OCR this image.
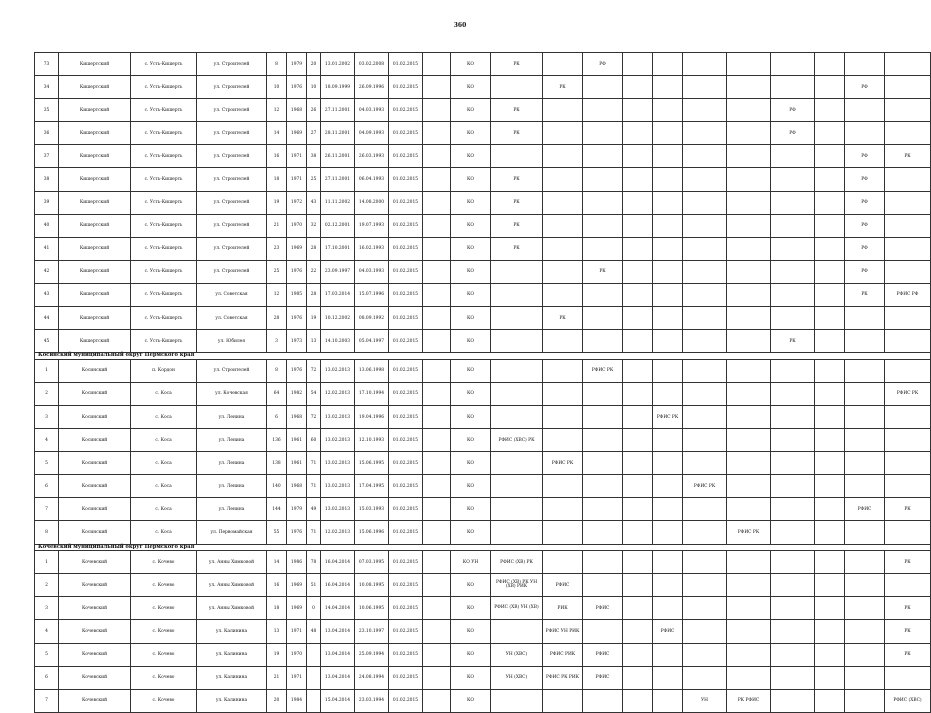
360
73	Кишертский	с. Усть-Кишерть	ул. Строителей	8	1979	20	13.01.2002	03.02.2008	01.02.2015		КО	РК		РФ								
34	Кишертский	с. Усть-Кишерть	ул. Строителей	10	1976	10	18.09.1999	26.09.1996	01.02.2015		КО		РК								РФ	
35	Кишертский	с. Усть-Кишерть	ул. Строителей	12	1968	26	27.11.2001	04.03.1993	01.02.2015		КО	РК							РФ			
36	Кишертский	с. Усть-Кишерть	ул. Строителей	14	1969	27	28.11.2001	04.09.1993	01.02.2015		КО	РК							РФ			
37	Кишертский	с. Усть-Кишерть	ул. Строителей	16	1971	38	26.11.2001	26.03.1993	01.02.2015		КО										РФ	РК
38	Кишертский	с. Усть-Кишерть	ул. Строителей	18	1971	25	27.11.2001	06.04.1993	01.02.2015		КО	РК									РФ	
39	Кишертский	с. Усть-Кишерть	ул. Строителей	19	1972	43	11.11.2002	14.08.2000	01.02.2015		КО	РК									РФ	
40	Кишертский	с. Усть-Кишерть	ул. Строителей	21	1970	32	02.12.2001	19.07.1993	01.02.2015		КО	РК									РФ	
41	Кишертский	с. Усть-Кишерть	ул. Строителей	23	1969	28	17.10.2001	16.02.1993	01.02.2015		КО	РК									РФ	
42	Кишертский	с. Усть-Кишерть	ул. Строителей	25	1976	22	23.09.1997	04.03.1993	01.02.2015		КО			РК							РФ	
43	Кишертский	с. Усть-Кишерть	ул. Советская	12	1985	28	17.03.2014	15.07.1996	01.02.2015		КО										РК	РФИС РФ
44	Кишертский	с. Усть-Кишерть	ул. Советская	28	1976	19	10.12.2002	08.09.1992	01.02.2015		КО		РК									
45	Кишертский	с. Усть-Кишерть	ул. Юбилея	3	1973	13	14.10.2003	05.04.1997	01.02.2015		КО								РК			
Косинский муниципальный округ Пермского края																						
1	Косинский	п. Кордон	ул. Строителей	8	1976	72	13.02.2013	13.06.1998	01.02.2015		КО			РФИС РК								
2	Косинский	с. Коса	ул. Кочевская	64	1982	54	12.02.2013	17.10.1994	01.02.2015		КО											РФИС РК
3	Косинский	с. Коса	ул. Ленина	6	1968	72	13.02.2013	19.04.1996	01.02.2015		КО					РФИС РК						
4	Косинский	с. Коса	ул. Ленина	136	1961	60	13.02.2013	12.10.1993	01.02.2015		КО	РФИС (ХВС) РК										
5	Косинский	с. Коса	ул. Ленина	138	1961	71	13.02.2013	15.06.1995	01.02.2015		КО		РФИС РК									
6	Косинский	с. Коса	ул. Ленина	140	1968	71	13.02.2013	17.04.1995	01.02.2015		КО						РФИС РК					
7	Косинский	с. Коса	ул. Ленина	144	1979	49	13.02.2013	15.03.1993	01.02.2015		КО										РФИС	РК
8	Косинский	с. Коса	ул. Первомайская	55	1976	71	12.02.2013	15.06.1996	01.02.2015		КО							РФИС РК				
Кочевский муниципальный округ Пермского края																						
1	Кочевский	с. Кочево	ул. Анны Химковой	14	1986	78	16.04.2014	07.03.1995	01.02.2015		КО УН	РФИС (ХВ) РК										РК
2	Кочевский	с. Кочево	ул. Анны Химковой	16	1969	51	16.04.2014	10.08.1995	01.02.2015		КО	РФИС (ХВ) РК УН (ХВ) РИК	РФИС									
3	Кочевский	с. Кочево	ул. Анны Химковой	18	1969	0	14.04.2014	10.06.1995	01.02.2015		КО	РФИС (ХВ) УН (ХВ)	РИК	РФИС								РК
4	Кочевский	с. Кочево	ул. Калинина	13	1971	48	13.04.2014	23.10.1997	01.02.2015		КО		РФИС УН РИК			РФИС						РК
5	Кочевский	с. Кочево	ул. Калинина	19	1970		13.04.2014	25.09.1994	01.02.2015		КО	УН (ХВС)	РФИС РИК	РФИС								РК
6	Кочевский	с. Кочево	ул. Калинина	21	1971		13.04.2014	24.08.1994	01.02.2015		КО	УН (ХВС)	РФИС РК РИК	РФИС								
7	Кочевский	с. Кочево	ул. Калинина	20	1984		15.04.2014	23.03.1994	01.02.2015		КО						УН	РК РФИС				РФИС (ХВС)
